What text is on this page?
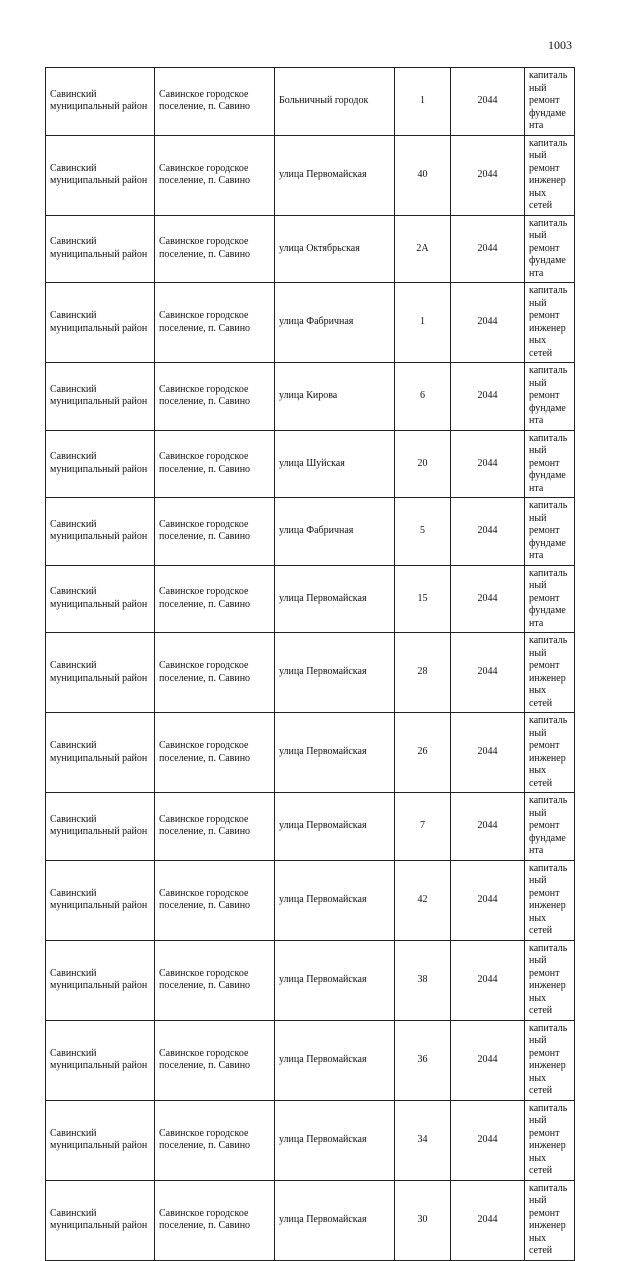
1003
Савинский муниципальный район	Савинское городское поселение, п. Савино	Больничный городок	1	2044	капитальный ремонт фундамента

Савинский муниципальный район	Савинское городское поселение, п. Савино	улица Первомайская	40	2044	капитальный ремонт инженерных сетей

Савинский муниципальный район	Савинское городское поселение, п. Савино	улица Октябрьская	2А	2044	капитальный ремонт фундамента

Савинский муниципальный район	Савинское городское поселение, п. Савино	улица Фабричная	1	2044	капитальный ремонт инженерных сетей

Савинский муниципальный район	Савинское городское поселение, п. Савино	улица Кирова	6	2044	капитальный ремонт фундамента

Савинский муниципальный район	Савинское городское поселение, п. Савино	улица Шуйская	20	2044	капитальный ремонт фундамента

Савинский муниципальный район	Савинское городское поселение, п. Савино	улица Фабричная	5	2044	капитальный ремонт фундамента

Савинский муниципальный район	Савинское городское поселение, п. Савино	улица Первомайская	15	2044	капитальный ремонт фундамента

Савинский муниципальный район	Савинское городское поселение, п. Савино	улица Первомайская	28	2044	капитальный ремонт инженерных сетей

Савинский муниципальный район	Савинское городское поселение, п. Савино	улица Первомайская	26	2044	капитальный ремонт инженерных сетей

Савинский муниципальный район	Савинское городское поселение, п. Савино	улица Первомайская	7	2044	капитальный ремонт фундамента

Савинский муниципальный район	Савинское городское поселение, п. Савино	улица Первомайская	42	2044	капитальный ремонт инженерных сетей

Савинский муниципальный район	Савинское городское поселение, п. Савино	улица Первомайская	38	2044	капитальный ремонт инженерных сетей

Савинский муниципальный район	Савинское городское поселение, п. Савино	улица Первомайская	36	2044	капитальный ремонт инженерных сетей

Савинский муниципальный район	Савинское городское поселение, п. Савино	улица Первомайская	34	2044	капитальный ремонт инженерных сетей

Савинский муниципальный район	Савинское городское поселение, п. Савино	улица Первомайская	30	2044	капитальный ремонт инженерных сетей
